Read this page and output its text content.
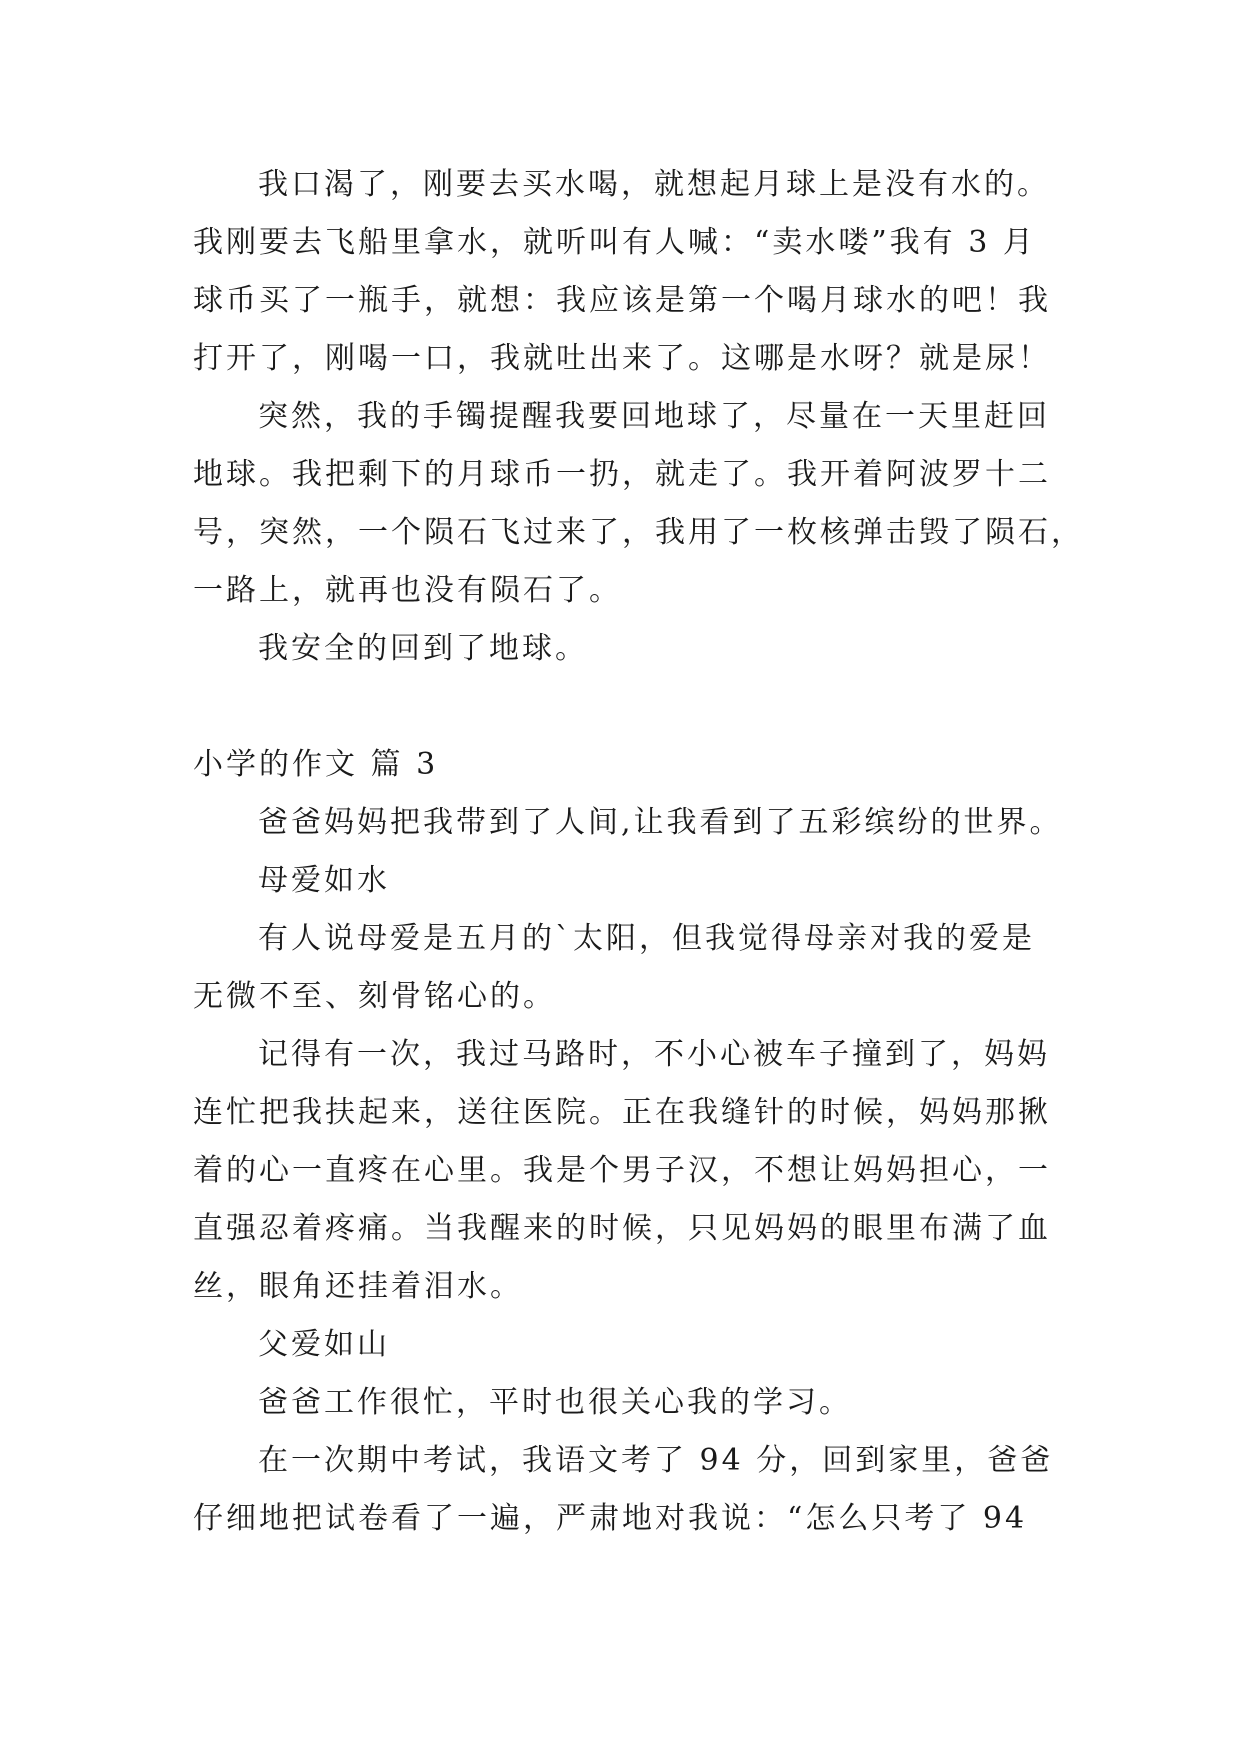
我口渴了，刚要去买水喝，就想起月球上是没有水的。
我刚要去飞船里拿水，就听叫有人喊：“卖水喽”我有 3 月
球币买了一瓶手，就想：我应该是第一个喝月球水的吧！我
打开了，刚喝一口，我就吐出来了。这哪是水呀？就是尿！
突然，我的手镯提醒我要回地球了，尽量在一天里赶回
地球。我把剩下的月球币一扔，就走了。我开着阿波罗十二
号，突然，一个陨石飞过来了，我用了一枚核弹击毁了陨石，
一路上，就再也没有陨石了。
我安全的回到了地球。
小学的作文 篇 3
爸爸妈妈把我带到了人间,让我看到了五彩缤纷的世界。
母爱如水
有人说母爱是五月的`太阳，但我觉得母亲对我的爱是
无微不至、刻骨铭心的。
记得有一次，我过马路时，不小心被车子撞到了，妈妈
连忙把我扶起来，送往医院。正在我缝针的时候，妈妈那揪
着的心一直疼在心里。我是个男子汉，不想让妈妈担心，一
直强忍着疼痛。当我醒来的时候，只见妈妈的眼里布满了血
丝，眼角还挂着泪水。
父爱如山
爸爸工作很忙，平时也很关心我的学习。
在一次期中考试，我语文考了 94 分，回到家里，爸爸
仔细地把试卷看了一遍，严肃地对我说：“怎么只考了 94
